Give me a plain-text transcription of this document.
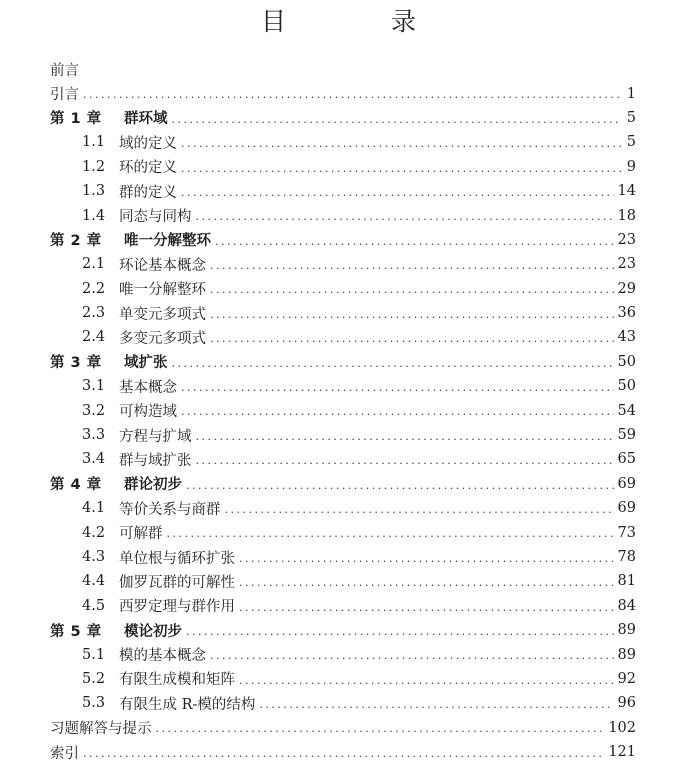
目　录
前言
引言 . . .	1
第 1 章	群环域 . . .	5
1.1 域的定义 . . .	5
1.2 环的定义 . . .	9
1.3 群的定义 . . .	14
1.4 同态与同构 . . .	18
第 2 章	唯一分解整环 . . .	23
2.1 环论基本概念 . . .	23
2.2 唯一分解整环 . . .	29
2.3 单变元多项式 . . .	36
2.4 多变元多项式 . . .	43
第 3 章	域扩张 . . .	50
3.1 基本概念 . . .	50
3.2 可构造域 . . .	54
3.3 方程与扩域 . . .	59
3.4 群与域扩张 . . .	65
第 4 章	群论初步 . . .	69
4.1 等价关系与商群 . . .	69
4.2 可解群 . . .	73
4.3 单位根与循环扩张 . . .	78
4.4 伽罗瓦群的可解性 . . .	81
4.5 西罗定理与群作用 . . .	84
第 5 章	模论初步 . . .	89
5.1 模的基本概念 . . .	89
5.2 有限生成模和矩阵 . . .	92
5.3 有限生成 R-模的结构 . . .	96
习题解答与提示 . . .	102
索引 . . .	121
